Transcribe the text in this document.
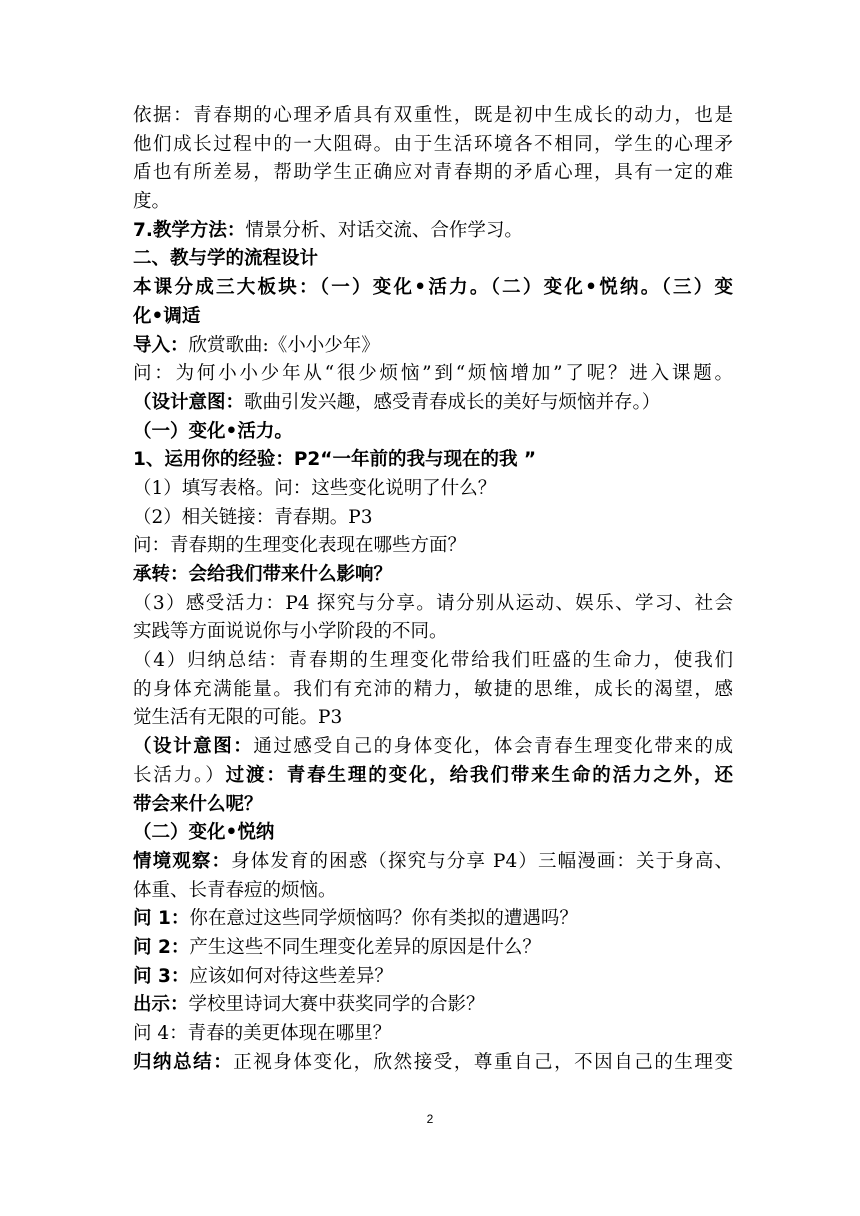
依据：青春期的心理矛盾具有双重性，既是初中生成长的动力，也是
他们成长过程中的一大阻碍。由于生活环境各不相同，学生的心理矛
盾也有所差易，帮助学生正确应对青春期的矛盾心理，具有一定的难
度。
7.教学方法：情景分析、对话交流、合作学习。
二、教与学的流程设计
本课分成三大板块：（一）变化•活力。（二）变化•悦纳。（三）变
化•调适
导入：欣赏歌曲:《小小少年》
问：为何小小少年从“很少烦恼”到“烦恼增加”了呢？进入课题。
（设计意图：歌曲引发兴趣，感受青春成长的美好与烦恼并存。）
（一）变化•活力。
1、运用你的经验：P2“一年前的我与现在的我 ”
（1）填写表格。问：这些变化说明了什么？
（2）相关链接：青春期。P3
问：青春期的生理变化表现在哪些方面？
承转：会给我们带来什么影响？
（3）感受活力：P4 探究与分享。请分别从运动、娱乐、学习、社会
实践等方面说说你与小学阶段的不同。
（4）归纳总结：青春期的生理变化带给我们旺盛的生命力，使我们
的身体充满能量。我们有充沛的精力，敏捷的思维，成长的渴望，感
觉生活有无限的可能。P3
（设计意图：通过感受自己的身体变化，体会青春生理变化带来的成
长活力。）过渡：青春生理的变化，给我们带来生命的活力之外，还
带会来什么呢？
（二）变化•悦纳
情境观察：身体发育的困惑（探究与分享 P4）三幅漫画：关于身高、
体重、长青春痘的烦恼。
问 1：你在意过这些同学烦恼吗？你有类拟的遭遇吗？
问 2：产生这些不同生理变化差异的原因是什么？
问 3：应该如何对待这些差异？
出示：学校里诗词大赛中获奖同学的合影？
问 4：青春的美更体现在哪里？
归纳总结：正视身体变化，欣然接受，尊重自己，不因自己的生理变
2
